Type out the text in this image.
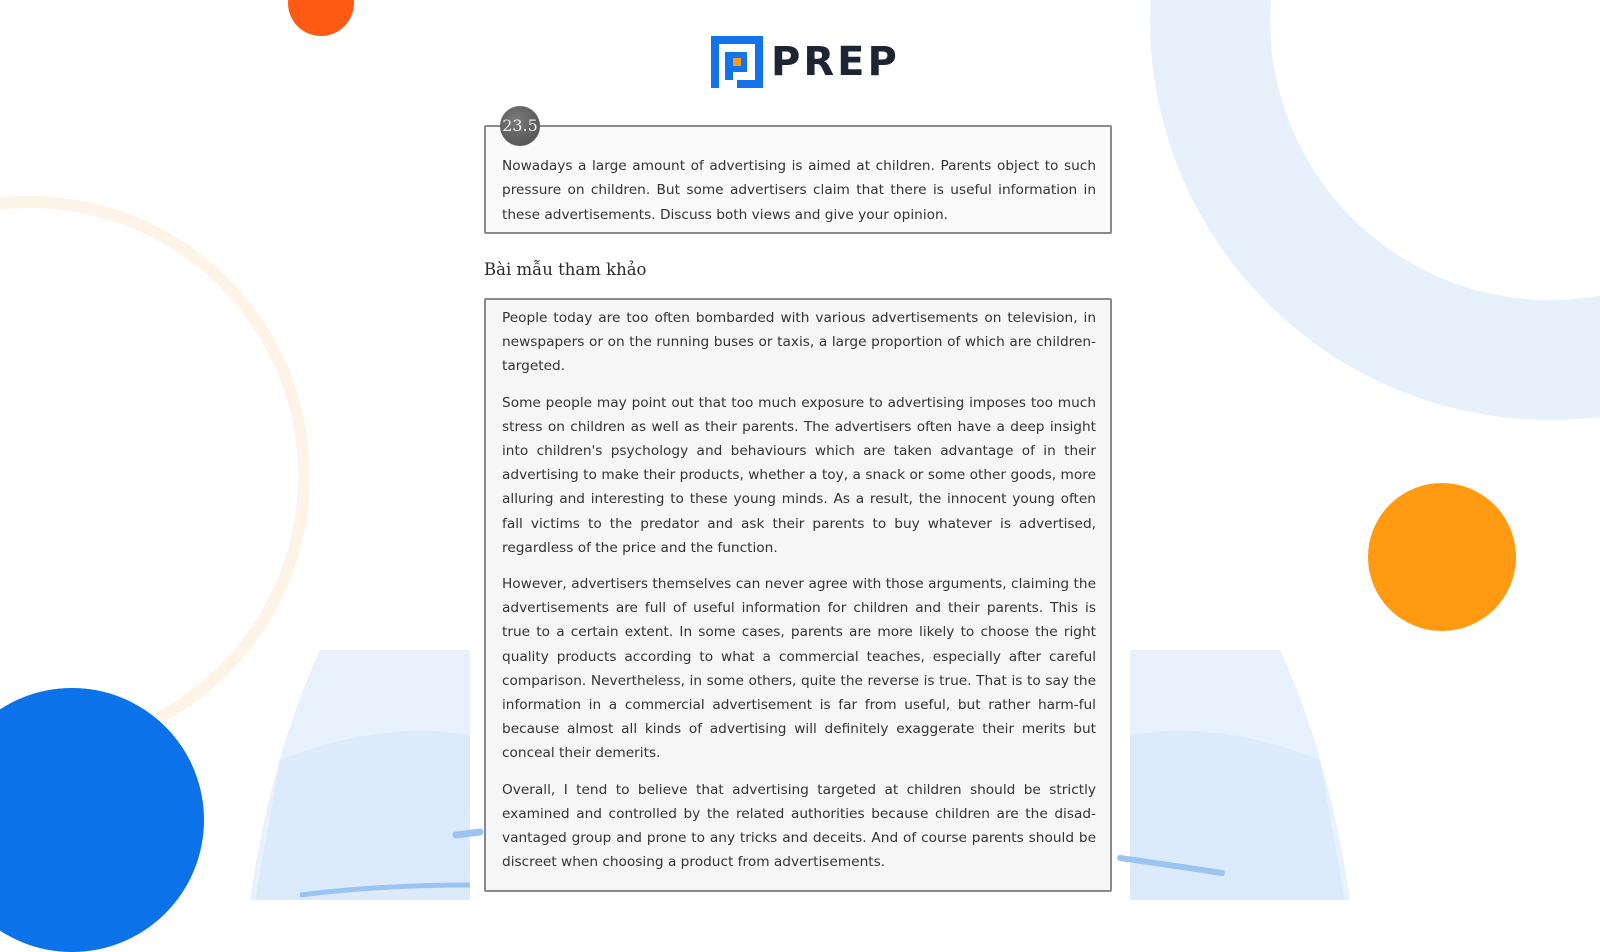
PREP
23.5
Nowadays a large amount of advertising is aimed at children. Parents object to such pressure on children. But some advertisers claim that there is useful information in these advertisements. Discuss both views and give your opinion.
Bài mẫu tham khảo

People today are too often bombarded with various advertisements on television, in newspapers or on the running buses or taxis, a large proportion of which are children-targeted.

Some people may point out that too much exposure to advertising imposes too much stress on children as well as their parents. The advertisers often have a deep insight into children's psychology and behaviours which are taken advantage of in their advertising to make their products, whether a toy, a snack or some other goods, more alluring and interesting to these young minds. As a result, the innocent young often fall victims to the predator and ask their parents to buy whatever is advertised, regardless of the price and the function.

However, advertisers themselves can never agree with those arguments, claiming the advertisements are full of useful information for children and their parents. This is true to a certain extent. In some cases, parents are more likely to choose the right quality products according to what a commercial teaches, especially after careful comparison. Nevertheless, in some others, quite the reverse is true. That is to say the information in a commercial advertisement is far from useful, but rather harm-ful because almost all kinds of advertising will definitely exaggerate their merits but conceal their demerits.

Overall, I tend to believe that advertising targeted at children should be strictly examined and controlled by the related authorities because children are the disad-vantaged group and prone to any tricks and deceits. And of course parents should be discreet when choosing a product from advertisements.
